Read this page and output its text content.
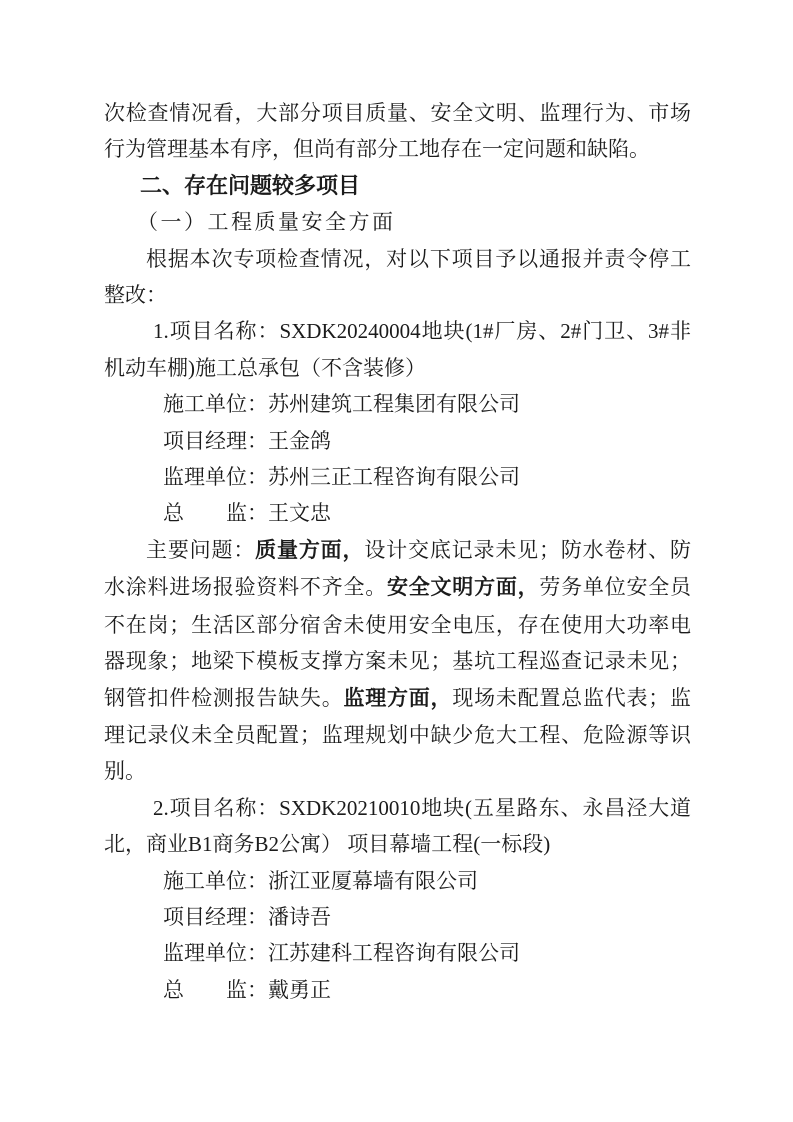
次检查情况看，大部分项目质量、安全文明、监理行为、市场行为管理基本有序，但尚有部分工地存在一定问题和缺陷。

二、存在问题较多项目

（一）工程质量安全方面

根据本次专项检查情况，对以下项目予以通报并责令停工整改：

1.项目名称：SXDK20240004地块(1#厂房、2#门卫、3#非机动车棚)施工总承包（不含装修）

施工单位：苏州建筑工程集团有限公司

项目经理：王金鸽

监理单位：苏州三正工程咨询有限公司

总　　监：王文忠

主要问题：质量方面，设计交底记录未见；防水卷材、防水涂料进场报验资料不齐全。安全文明方面，劳务单位安全员不在岗；生活区部分宿舍未使用安全电压，存在使用大功率电器现象；地梁下模板支撑方案未见；基坑工程巡查记录未见；钢管扣件检测报告缺失。监理方面，现场未配置总监代表；监理记录仪未全员配置；监理规划中缺少危大工程、危险源等识别。

2.项目名称：SXDK20210010地块(五星路东、永昌泾大道北，商业B1商务B2公寓） 项目幕墙工程(一标段)

施工单位：浙江亚厦幕墙有限公司

项目经理：潘诗吾

监理单位：江苏建科工程咨询有限公司

总　　监：戴勇正
